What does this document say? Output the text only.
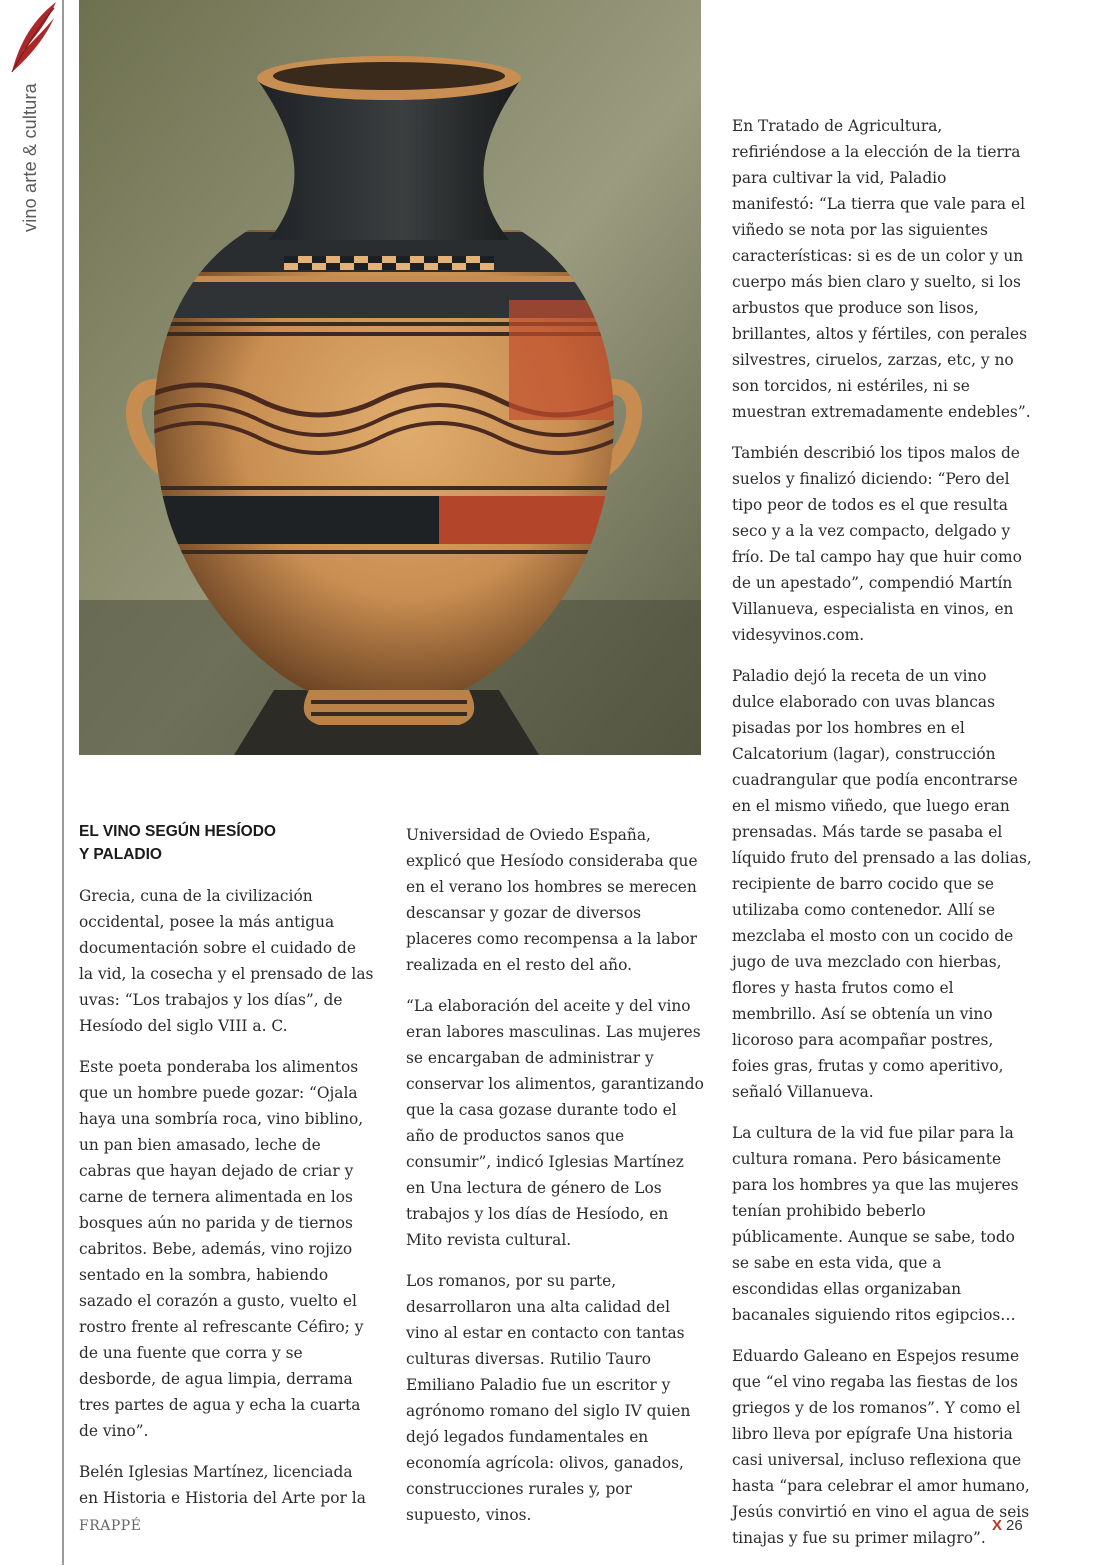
vino arte & cultura
EL VINO SEGÚN HESÍODO
Y PALADIO

Grecia, cuna de la civilización occidental, posee la más antigua documentación sobre el cuidado de la vid, la cosecha y el prensado de las uvas: “Los trabajos y los días”, de Hesíodo del siglo VIII a. C.

Este poeta ponderaba los alimentos que un hombre puede gozar: “Ojala haya una sombría roca, vino biblino, un pan bien amasado, leche de cabras que hayan dejado de criar y carne de ternera alimentada en los bosques aún no parida y de tiernos cabritos. Bebe, además, vino rojizo sentado en la sombra, habiendo sazado el corazón a gusto, vuelto el rostro frente al refrescante Céfiro; y de una fuente que corra y se desborde, de agua limpia, derrama tres partes de agua y echa la cuarta de vino”.

Belén Iglesias Martínez, licenciada en Historia e Historia del Arte por la

Universidad de Oviedo España, explicó que Hesíodo consideraba que en el verano los hombres se merecen descansar y gozar de diversos placeres como recompensa a la labor realizada en el resto del año.

“La elaboración del aceite y del vino eran labores masculinas. Las mujeres se encargaban de administrar y conservar los alimentos, garantizando que la casa gozase durante todo el año de productos sanos que consumir”, indicó Iglesias Martínez en Una lectura de género de Los trabajos y los días de Hesíodo, en Mito revista cultural.

Los romanos, por su parte, desarrollaron una alta calidad del vino al estar en contacto con tantas culturas diversas. Rutilio Tauro Emiliano Paladio fue un escritor y agrónomo romano del siglo IV quien dejó legados fundamentales en economía agrícola: olivos, ganados, construcciones rurales y, por supuesto, vinos.

En Tratado de Agricultura, refiriéndose a la elección de la tierra para cultivar la vid, Paladio manifestó: “La tierra que vale para el viñedo se nota por las siguientes características: si es de un color y un cuerpo más bien claro y suelto, si los arbustos que produce son lisos, brillantes, altos y fértiles, con perales silvestres, ciruelos, zarzas, etc, y no son torcidos, ni estériles, ni se muestran extremadamente endebles”.

También describió los tipos malos de suelos y finalizó diciendo: “Pero del tipo peor de todos es el que resulta seco y a la vez compacto, delgado y frío. De tal campo hay que huir como de un apestado”, compendió Martín Villanueva, especialista en vinos, en videsyvinos.com.

Paladio dejó la receta de un vino dulce elaborado con uvas blancas pisadas por los hombres en el Calcatorium (lagar), construcción cuadrangular que podía encontrarse en el mismo viñedo, que luego eran prensadas. Más tarde se pasaba el líquido fruto del prensado a las dolias, recipiente de barro cocido que se utilizaba como contenedor. Allí se mezclaba el mosto con un cocido de jugo de uva mezclado con hierbas, flores y hasta frutos como el membrillo. Así se obtenía un vino licoroso para acompañar postres, foies gras, frutas y como aperitivo, señaló Villanueva.

La cultura de la vid fue pilar para la cultura romana. Pero básicamente para los hombres ya que las mujeres tenían prohibido beberlo públicamente. Aunque se sabe, todo se sabe en esta vida, que a escondidas ellas organizaban bacanales siguiendo ritos egipcios…

Eduardo Galeano en Espejos resume que “el vino regaba las fiestas de los griegos y de los romanos”. Y como el libro lleva por epígrafe Una historia casi universal, incluso reflexiona que hasta “para celebrar el amor humano, Jesús convirtió en vino el agua de seis tinajas y fue su primer milagro”.

FRAPPÉ	X 26
